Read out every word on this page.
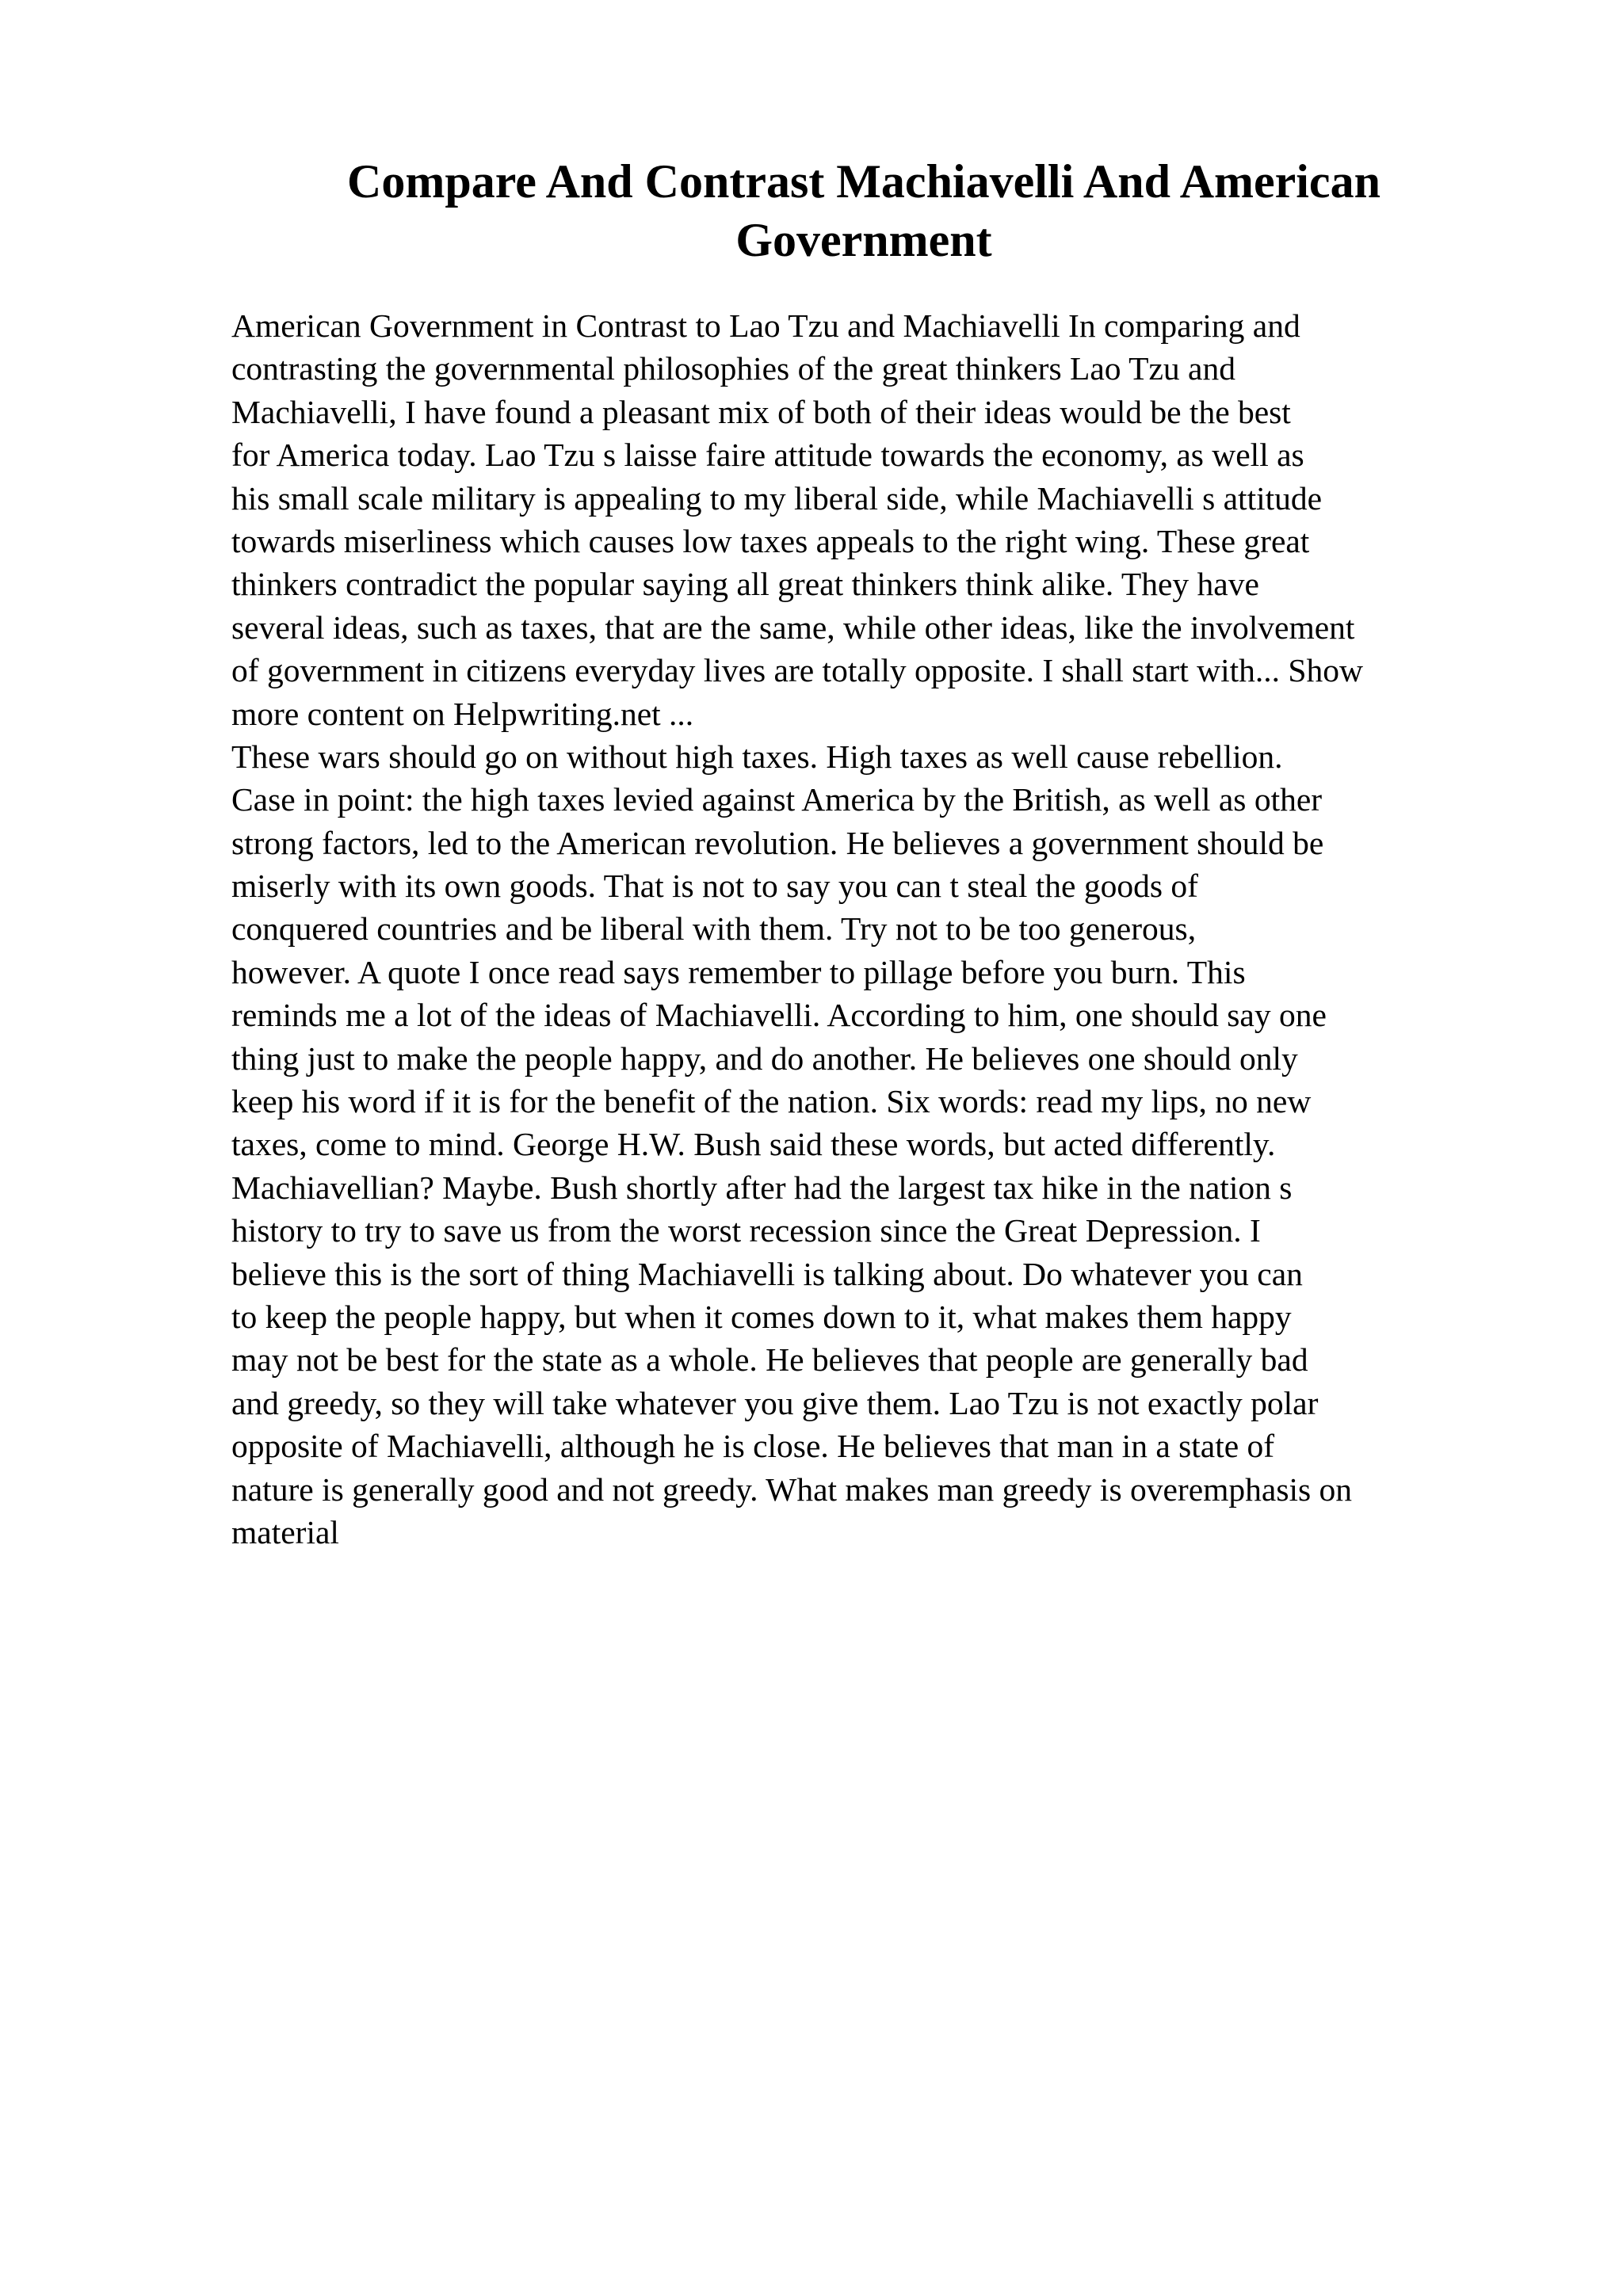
Compare And Contrast Machiavelli And American
Government
American Government in Contrast to Lao Tzu and Machiavelli In comparing and
contrasting the governmental philosophies of the great thinkers Lao Tzu and
Machiavelli, I have found a pleasant mix of both of their ideas would be the best
for America today. Lao Tzu s laisse faire attitude towards the economy, as well as
his small scale military is appealing to my liberal side, while Machiavelli s attitude
towards miserliness which causes low taxes appeals to the right wing. These great
thinkers contradict the popular saying all great thinkers think alike. They have
several ideas, such as taxes, that are the same, while other ideas, like the involvement
of government in citizens everyday lives are totally opposite. I shall start with... Show
more content on Helpwriting.net ...
These wars should go on without high taxes. High taxes as well cause rebellion.
Case in point: the high taxes levied against America by the British, as well as other
strong factors, led to the American revolution. He believes a government should be
miserly with its own goods. That is not to say you can t steal the goods of
conquered countries and be liberal with them. Try not to be too generous,
however. A quote I once read says remember to pillage before you burn. This
reminds me a lot of the ideas of Machiavelli. According to him, one should say one
thing just to make the people happy, and do another. He believes one should only
keep his word if it is for the benefit of the nation. Six words: read my lips, no new
taxes, come to mind. George H.W. Bush said these words, but acted differently.
Machiavellian? Maybe. Bush shortly after had the largest tax hike in the nation s
history to try to save us from the worst recession since the Great Depression. I
believe this is the sort of thing Machiavelli is talking about. Do whatever you can
to keep the people happy, but when it comes down to it, what makes them happy
may not be best for the state as a whole. He believes that people are generally bad
and greedy, so they will take whatever you give them. Lao Tzu is not exactly polar
opposite of Machiavelli, although he is close. He believes that man in a state of
nature is generally good and not greedy. What makes man greedy is overemphasis on
material
